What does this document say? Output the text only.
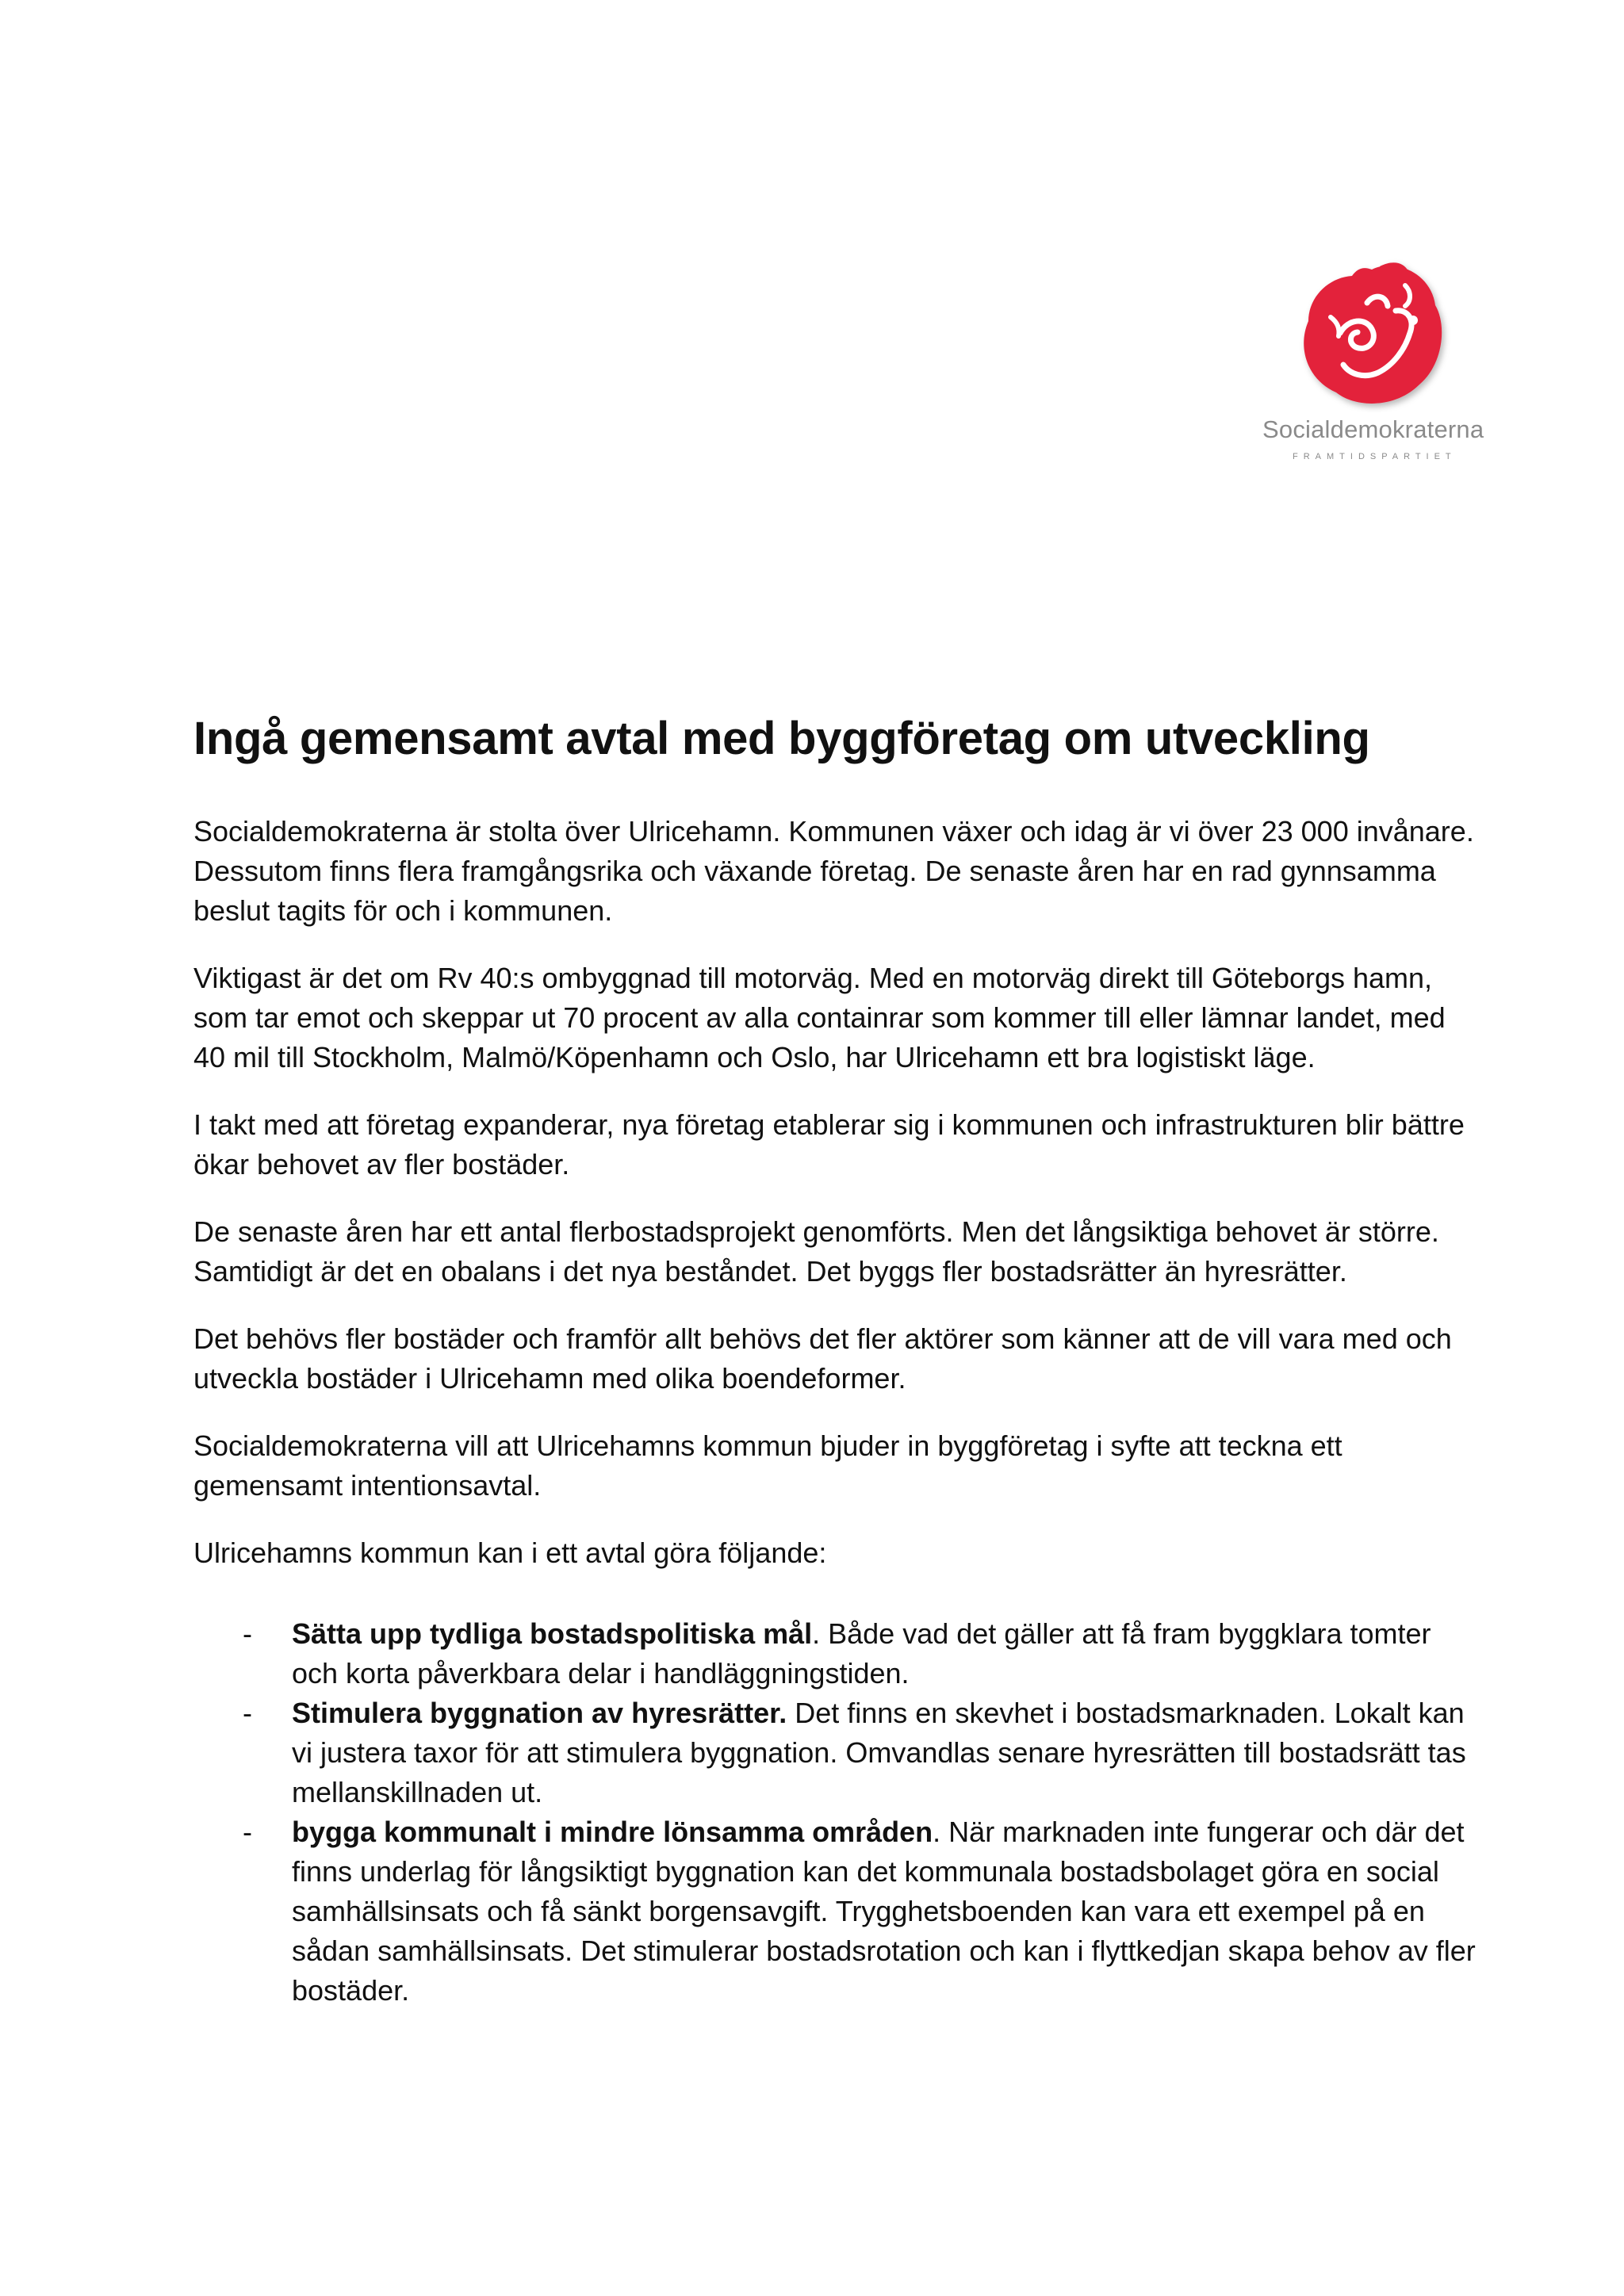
Socialdemokraterna
FRAMTIDSPARTIET
Ingå gemensamt avtal med byggföretag om utveckling

Socialdemokraterna är stolta över Ulricehamn. Kommunen växer och idag är vi över 23 000 invånare. Dessutom finns flera framgångsrika och växande företag. De senaste åren har en rad gynnsamma beslut tagits för och i kommunen.

Viktigast är det om Rv 40:s ombyggnad till motorväg. Med en motorväg direkt till Göteborgs hamn, som tar emot och skeppar ut 70 procent av alla containrar som kommer till eller lämnar landet, med 40 mil till Stockholm, Malmö/Köpenhamn och Oslo, har Ulricehamn ett bra logistiskt läge.

I takt med att företag expanderar, nya företag etablerar sig i kommunen och infrastrukturen blir bättre ökar behovet av fler bostäder.

De senaste åren har ett antal flerbostadsprojekt genomförts. Men det långsiktiga behovet är större. Samtidigt är det en obalans i det nya beståndet. Det byggs fler bostadsrätter än hyresrätter.

Det behövs fler bostäder och framför allt behövs det fler aktörer som känner att de vill vara med och utveckla bostäder i Ulricehamn med olika boendeformer.

Socialdemokraterna vill att Ulricehamns kommun bjuder in byggföretag i syfte att teckna ett gemensamt intentionsavtal.

Ulricehamns kommun kan i ett avtal göra följande:

- Sätta upp tydliga bostadspolitiska mål. Både vad det gäller att få fram byggklara tomter och korta påverkbara delar i handläggningstiden.
- Stimulera byggnation av hyresrätter. Det finns en skevhet i bostadsmarknaden. Lokalt kan vi justera taxor för att stimulera byggnation. Omvandlas senare hyresrätten till bostadsrätt tas mellanskillnaden ut.
- bygga kommunalt i mindre lönsamma områden. När marknaden inte fungerar och där det finns underlag för långsiktigt byggnation kan det kommunala bostadsbolaget göra en social samhällsinsats och få sänkt borgensavgift. Trygghetsboenden kan vara ett exempel på en sådan samhällsinsats. Det stimulerar bostadsrotation och kan i flyttkedjan skapa behov av fler bostäder.
